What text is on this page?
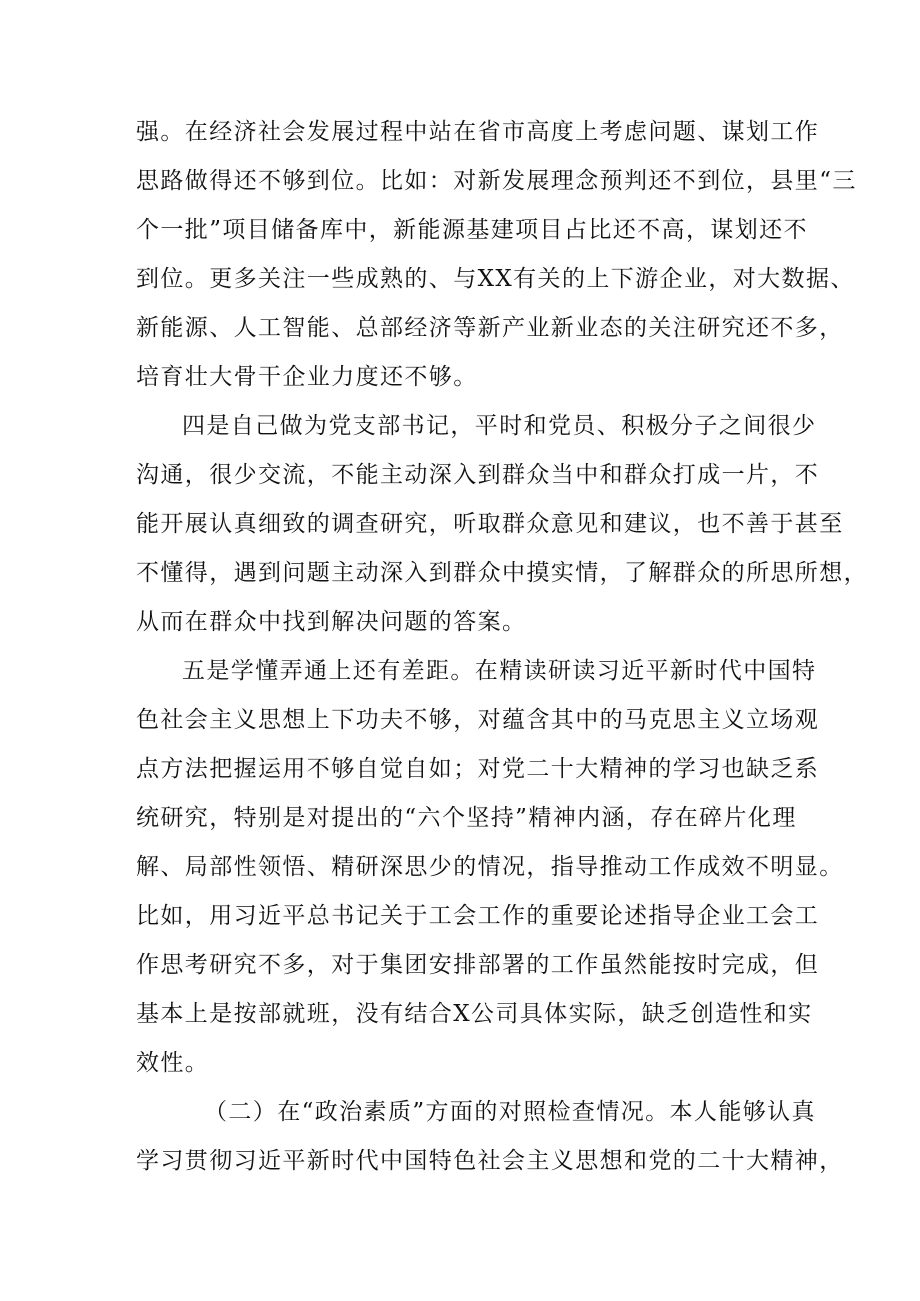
强。在经济社会发展过程中站在省市高度上考虑问题、谋划工作
思路做得还不够到位。比如：对新发展理念预判还不到位，县里“三
个一批”项目储备库中，新能源基建项目占比还不高，谋划还不
到位。更多关注一些成熟的、与XX有关的上下游企业，对大数据、
新能源、人工智能、总部经济等新产业新业态的关注研究还不多，
培育壮大骨干企业力度还不够。
四是自己做为党支部书记，平时和党员、积极分子之间很少
沟通，很少交流，不能主动深入到群众当中和群众打成一片，不
能开展认真细致的调查研究，听取群众意见和建议，也不善于甚至
不懂得，遇到问题主动深入到群众中摸实情，了解群众的所思所想，
从而在群众中找到解决问题的答案。
五是学懂弄通上还有差距。在精读研读习近平新时代中国特
色社会主义思想上下功夫不够，对蕴含其中的马克思主义立场观
点方法把握运用不够自觉自如；对党二十大精神的学习也缺乏系
统研究，特别是对提出的“六个坚持”精神内涵，存在碎片化理
解、局部性领悟、精研深思少的情况，指导推动工作成效不明显。
比如，用习近平总书记关于工会工作的重要论述指导企业工会工
作思考研究不多，对于集团安排部署的工作虽然能按时完成，但
基本上是按部就班，没有结合X公司具体实际，缺乏创造性和实
效性。
（二）在“政治素质”方面的对照检查情况。本人能够认真
学习贯彻习近平新时代中国特色社会主义思想和党的二十大精神，
